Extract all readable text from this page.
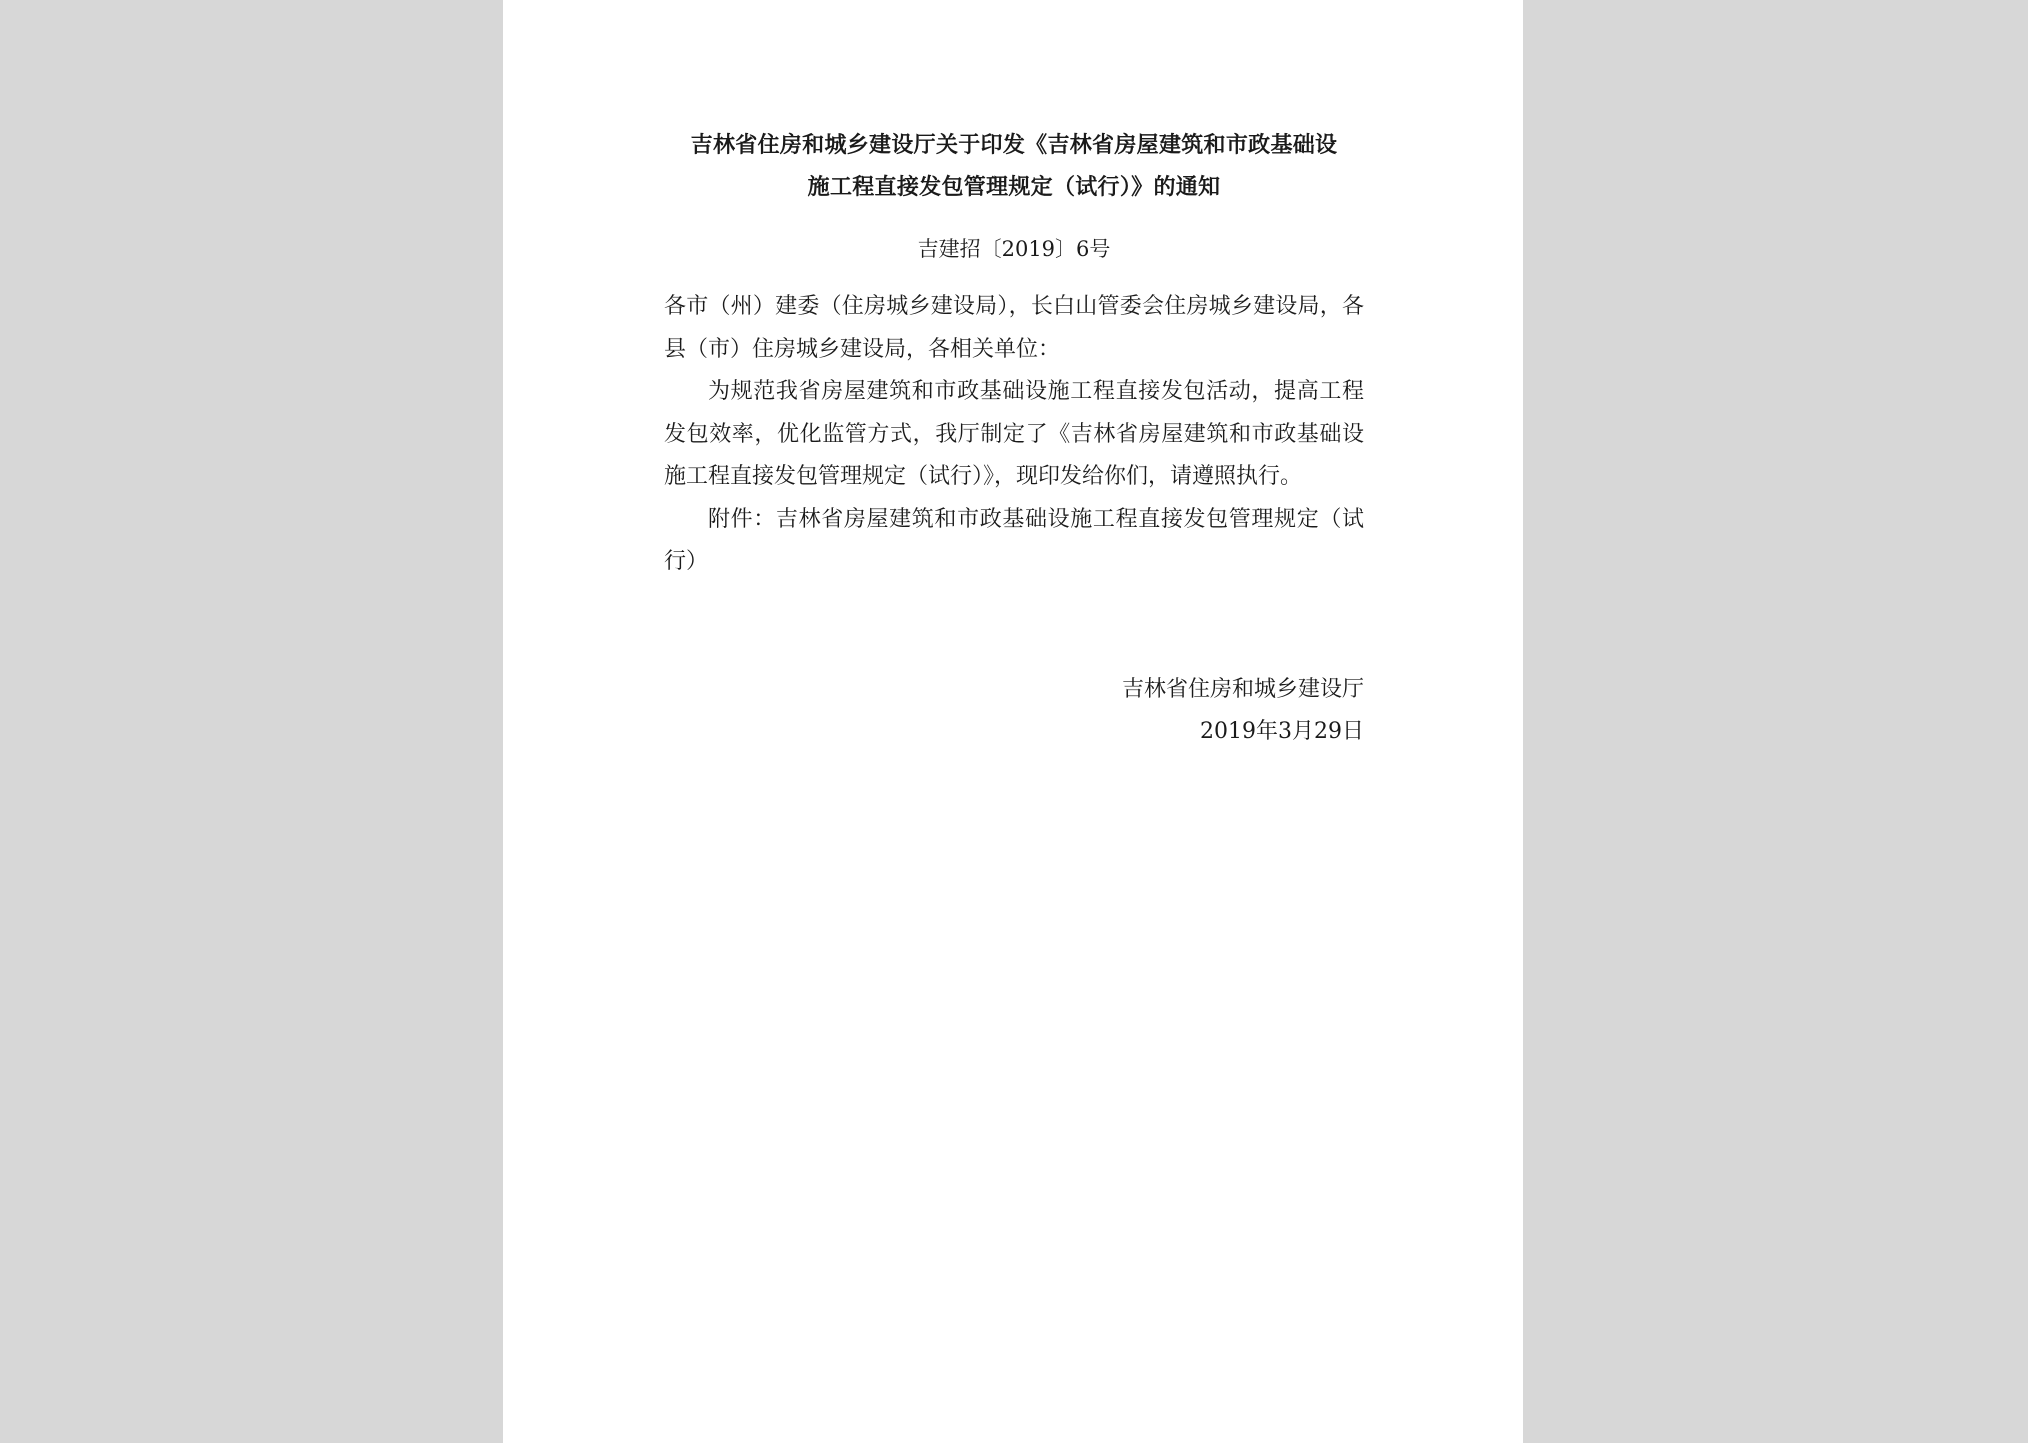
吉林省住房和城乡建设厅关于印发《吉林省房屋建筑和市政基础设
施工程直接发包管理规定（试行）》的通知

吉建招〔2019〕6号

各市（州）建委（住房城乡建设局），长白山管委会住房城乡建设局，各县（市）住房城乡建设局，各相关单位：

为规范我省房屋建筑和市政基础设施工程直接发包活动，提高工程发包效率，优化监管方式，我厅制定了《吉林省房屋建筑和市政基础设施工程直接发包管理规定（试行）》，现印发给你们，请遵照执行。

附件：吉林省房屋建筑和市政基础设施工程直接发包管理规定（试行）

吉林省住房和城乡建设厅
2019年3月29日
